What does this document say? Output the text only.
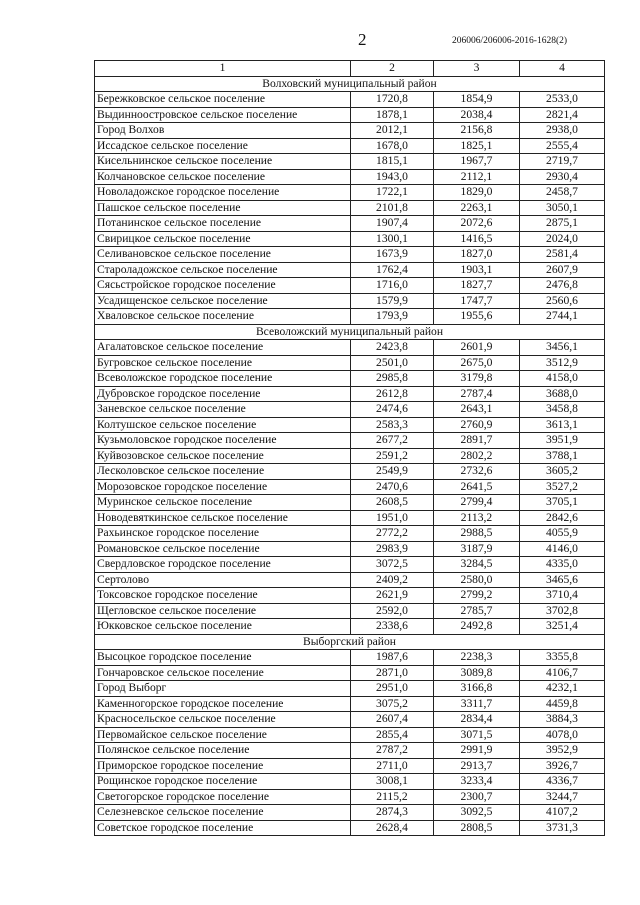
2	206006/206006-2016-1628(2)
1	2	3	4
Волховский муниципальный район			
Бережковское сельское поселение	1720,8	1854,9	2533,0
Выдинноостровское сельское поселение	1878,1	2038,4	2821,4
Город Волхов	2012,1	2156,8	2938,0
Иссадское сельское поселение	1678,0	1825,1	2555,4
Кисельнинское сельское поселение	1815,1	1967,7	2719,7
Колчановское сельское поселение	1943,0	2112,1	2930,4
Новоладожское городское поселение	1722,1	1829,0	2458,7
Пашское сельское поселение	2101,8	2263,1	3050,1
Потанинское сельское поселение	1907,4	2072,6	2875,1
Свирицкое сельское поселение	1300,1	1416,5	2024,0
Селивановское сельское поселение	1673,9	1827,0	2581,4
Староладожское сельское поселение	1762,4	1903,1	2607,9
Сясьстройское городское поселение	1716,0	1827,7	2476,8
Усадищенское сельское поселение	1579,9	1747,7	2560,6
Хваловское сельское поселение	1793,9	1955,6	2744,1
Всеволожский муниципальный район			
Агалатовское сельское поселение	2423,8	2601,9	3456,1
Бугровское сельское поселение	2501,0	2675,0	3512,9
Всеволожское городское поселение	2985,8	3179,8	4158,0
Дубровское городское поселение	2612,8	2787,4	3688,0
Заневское сельское поселение	2474,6	2643,1	3458,8
Колтушское сельское поселение	2583,3	2760,9	3613,1
Кузьмоловское городское поселение	2677,2	2891,7	3951,9
Куйвозовское сельское поселение	2591,2	2802,2	3788,1
Лесколовское сельское поселение	2549,9	2732,6	3605,2
Морозовское городское поселение	2470,6	2641,5	3527,2
Муринское сельское поселение	2608,5	2799,4	3705,1
Новодевяткинское сельское поселение	1951,0	2113,2	2842,6
Рахьинское городское поселение	2772,2	2988,5	4055,9
Романовское сельское поселение	2983,9	3187,9	4146,0
Свердловское городское поселение	3072,5	3284,5	4335,0
Сертолово	2409,2	2580,0	3465,6
Токсовское городское поселение	2621,9	2799,2	3710,4
Щегловское сельское поселение	2592,0	2785,7	3702,8
Юкковское сельское поселение	2338,6	2492,8	3251,4
Выборгский район			
Высоцкое городское поселение	1987,6	2238,3	3355,8
Гончаровское сельское поселение	2871,0	3089,8	4106,7
Город Выборг	2951,0	3166,8	4232,1
Каменногорское городское поселение	3075,2	3311,7	4459,8
Красносельское сельское поселение	2607,4	2834,4	3884,3
Первомайское сельское поселение	2855,4	3071,5	4078,0
Полянское сельское поселение	2787,2	2991,9	3952,9
Приморское городское поселение	2711,0	2913,7	3926,7
Рощинское городское поселение	3008,1	3233,4	4336,7
Светогорское городское поселение	2115,2	2300,7	3244,7
Селезневское сельское поселение	2874,3	3092,5	4107,2
Советское городское поселение	2628,4	2808,5	3731,3
